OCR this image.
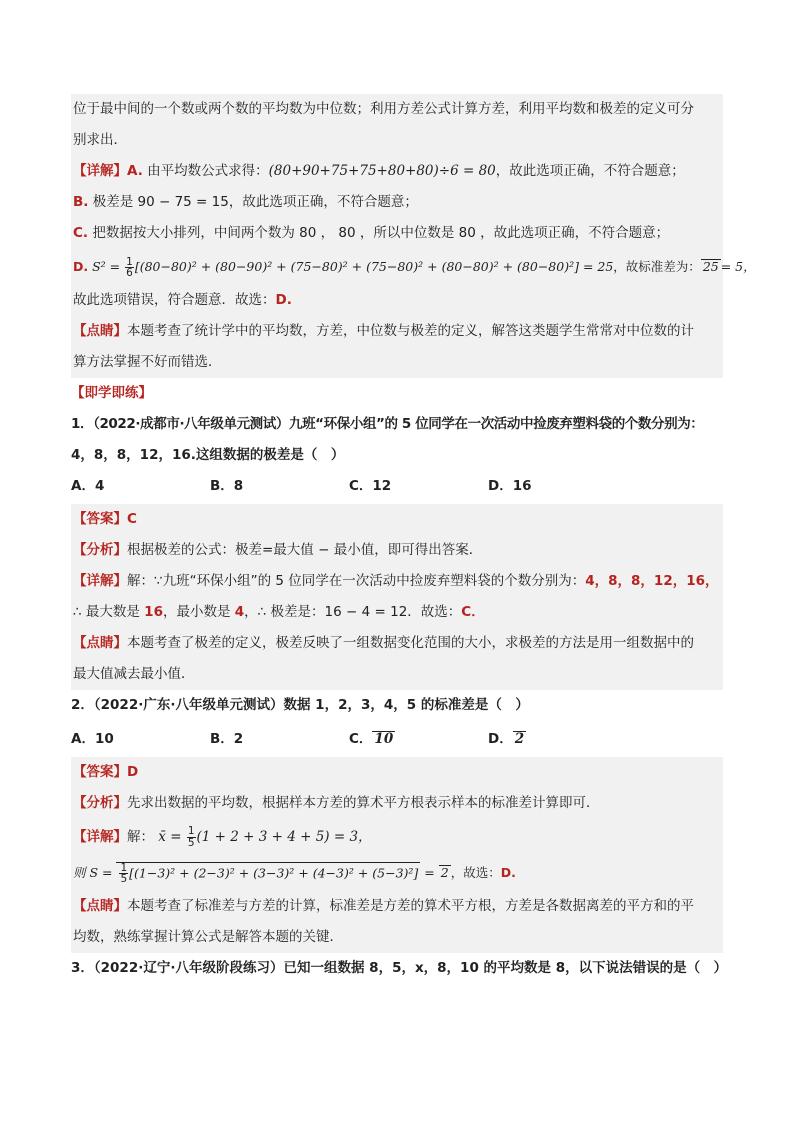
位于最中间的一个数或两个数的平均数为中位数；利用方差公式计算方差，利用平均数和极差的定义可分
别求出．
【详解】A. 由平均数公式求得：(80+90+75+75+80+80)÷6 = 80，故此选项正确，不符合题意；
B. 极差是 90 − 75 = 15，故此选项正确，不符合题意；
C. 把数据按大小排列，中间两个数为 80 ， 80 ，所以中位数是 80 ，故此选项正确，不符合题意；
D. $S^2 = \frac{1}{6} [(80-80)^2 + (80-90)^2 + (75-80)^2 + (75-80)^2 + (80-80)^2 + (80-80)^2] = 25$，故标准差为： 25 = 5，
故此选项错误，符合题意．故选：D.
【点睛】本题考查了统计学中的平均数，方差，中位数与极差的定义，解答这类题学生常常对中位数的计
算方法掌握不好而错选．
【即学即练】
1．（2022·成都市·八年级单元测试）九班“环保小组”的 5 位同学在一次活动中捡废弃塑料袋的个数分别为：
4，8，8，12，16.这组数据的极差是（　）
A．4	B．8	C．12	D．16
【答案】C
【分析】根据极差的公式：极差=最大值 − 最小值，即可得出答案．
【详解】解：∵九班“环保小组”的 5 位同学在一次活动中捡废弃塑料袋的个数分别为：4，8，8，12，16，
∴ 最大数是 16，最小数是 4，∴ 极差是：16 − 4 = 12．故选：C．
【点睛】本题考查了极差的定义，极差反映了一组数据变化范围的大小，求极差的方法是用一组数据中的
最大值减去最小值．
2．（2022·广东·八年级单元测试）数据 1，2，3，4，5 的标准差是（　）
A．10	B．2	C． 10	D． 2
【答案】D
【分析】先求出数据的平均数，根据样本方差的算术平方根表示样本的标准差计算即可．
【详解】解： x̄ = $\frac{1}{5} (1 + 2 + 3 + 4 + 5) = 3$，
则 $S = \frac{1}{5} [(1-3)^2 + (2-3)^2 + (3-3)^2 + (4-3)^2 + (5-3)^2] = 2$ ，故选：D.
【点睛】本题考查了标准差与方差的计算，标准差是方差的算术平方根，方差是各数据离差的平方和的平
均数，熟练掌握计算公式是解答本题的关键．
3．（2022·辽宁·八年级阶段练习）已知一组数据 8，5，x，8，10 的平均数是 8，以下说法错误的是（　）
